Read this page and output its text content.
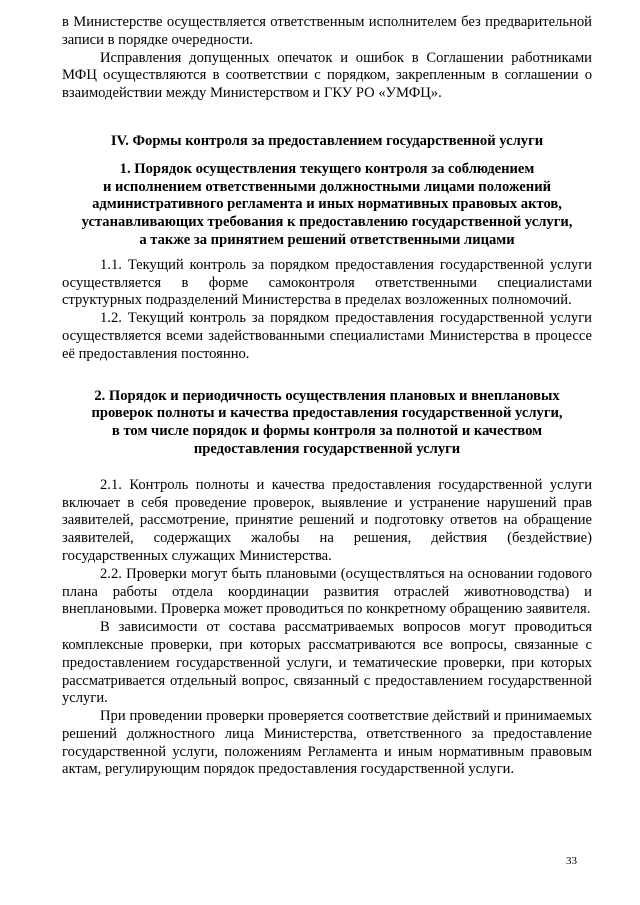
в Министерстве осуществляется ответственным исполнителем без предварительной записи в порядке очередности.

Исправления допущенных опечаток и ошибок в Соглашении работниками МФЦ осуществляются в соответствии с порядком, закрепленным в соглашении о взаимодействии между Министерством и ГКУ РО «УМФЦ».

IV. Формы контроля за предоставлением государственной услуги

1. Порядок осуществления текущего контроля за соблюдением
и исполнением ответственными должностными лицами положений
административного регламента и иных нормативных правовых актов,
устанавливающих требования к предоставлению государственной услуги,
а также за принятием решений ответственными лицами

1.1. Текущий контроль за порядком предоставления государственной услуги осуществляется в форме самоконтроля ответственными специалистами структурных подразделений Министерства в пределах возложенных полномочий.

1.2. Текущий контроль за порядком предоставления государственной услуги осуществляется всеми задействованными специалистами Министерства в процессе её предоставления постоянно.

2. Порядок и периодичность осуществления плановых и внеплановых
проверок полноты и качества предоставления государственной услуги,
в том числе порядок и формы контроля за полнотой и качеством
предоставления государственной услуги

2.1. Контроль полноты и качества предоставления государственной услуги включает в себя проведение проверок, выявление и устранение нарушений прав заявителей, рассмотрение, принятие решений и подготовку ответов на обращение заявителей, содержащих жалобы на решения, действия (бездействие) государственных служащих Министерства.

2.2. Проверки могут быть плановыми (осуществляться на основании годового плана работы отдела координации развития отраслей животноводства) и внеплановыми. Проверка может проводиться по конкретному обращению заявителя.

В зависимости от состава рассматриваемых вопросов могут проводиться комплексные проверки, при которых рассматриваются все вопросы, связанные с предоставлением государственной услуги, и тематические проверки, при которых рассматривается отдельный вопрос, связанный с предоставлением государственной услуги.

При проведении проверки проверяется соответствие действий и принимаемых решений должностного лица Министерства, ответственного за предоставление государственной услуги, положениям Регламента и иным нормативным правовым актам, регулирующим порядок предоставления государственной услуги.

33
